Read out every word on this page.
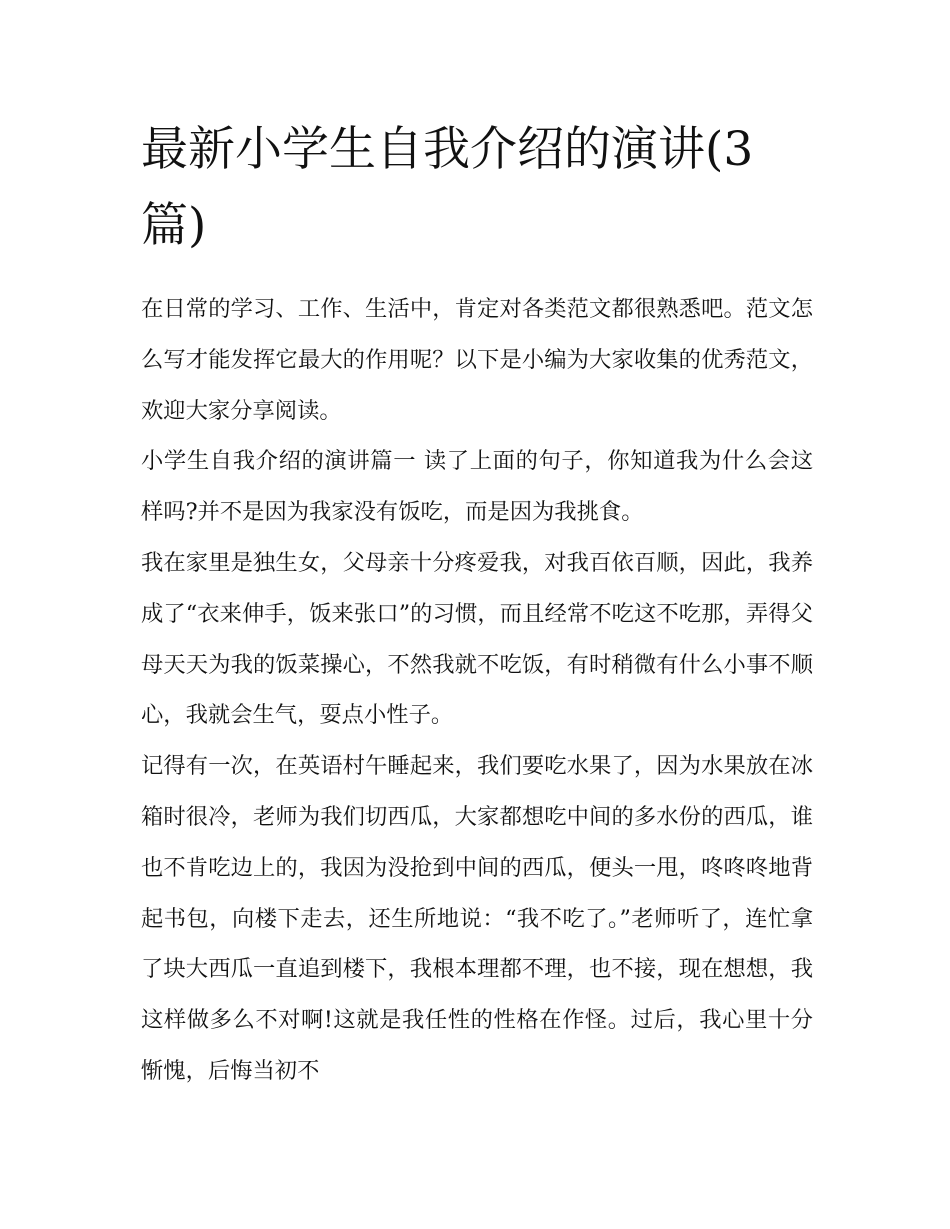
最新小学生自我介绍的演讲(3篇)

在日常的学习、工作、生活中，肯定对各类范文都很熟悉吧。范文怎么写才能发挥它最大的作用呢？以下是小编为大家收集的优秀范文，欢迎大家分享阅读。

小学生自我介绍的演讲篇一 读了上面的句子，你知道我为什么会这样吗?并不是因为我家没有饭吃，而是因为我挑食。

我在家里是独生女，父母亲十分疼爱我，对我百依百顺，因此，我养成了“衣来伸手，饭来张口”的习惯，而且经常不吃这不吃那，弄得父母天天为我的饭菜操心，不然我就不吃饭，有时稍微有什么小事不顺心，我就会生气，耍点小性子。

记得有一次，在英语村午睡起来，我们要吃水果了，因为水果放在冰箱时很冷，老师为我们切西瓜，大家都想吃中间的多水份的西瓜，谁也不肯吃边上的，我因为没抢到中间的西瓜，便头一甩，咚咚咚地背起书包，向楼下走去，还生所地说：“我不吃了。”老师听了，连忙拿了块大西瓜一直追到楼下，我根本理都不理，也不接，现在想想，我这样做多么不对啊!这就是我任性的性格在作怪。过后，我心里十分惭愧，后悔当初不
